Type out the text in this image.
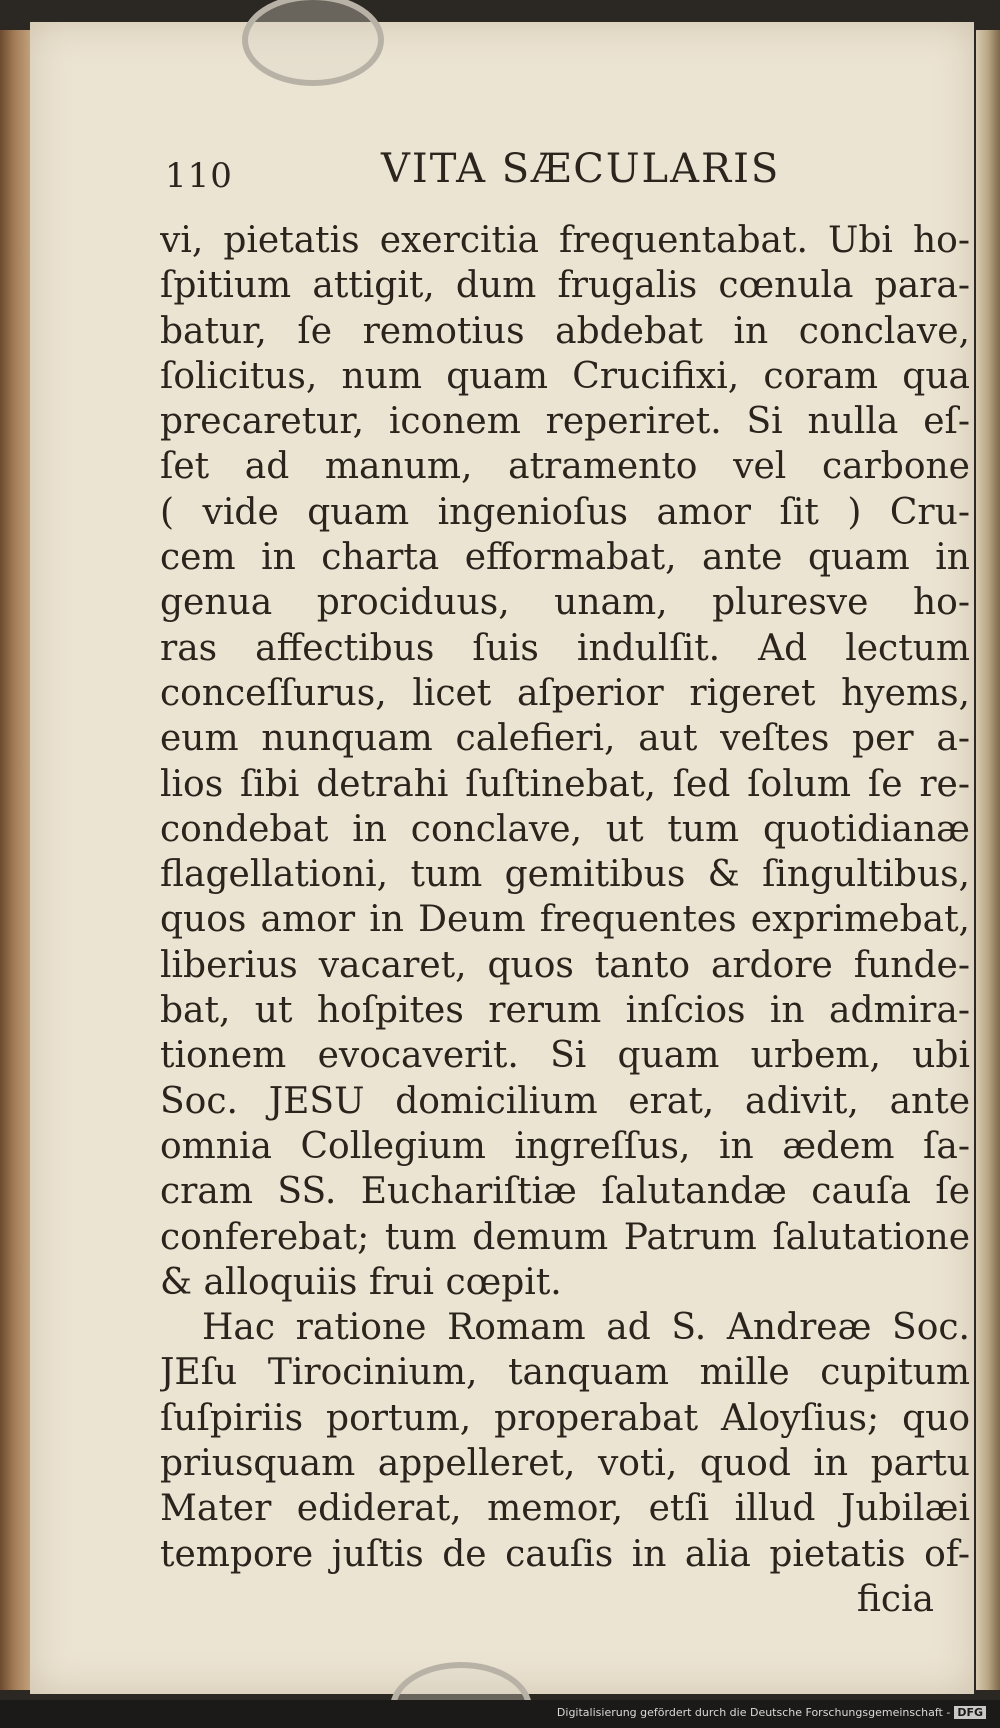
110	VITA SÆCULARIS
vi, pietatis exercitia frequentabat. Ubi ho-
ſpitium attigit, dum frugalis cœnula para-
batur, ſe remotius abdebat in conclave,
ſolicitus, num quam Crucifixi, coram qua
precaretur, iconem reperiret. Si nulla eſ-
ſet ad manum, atramento vel carbone
( vide quam ingenioſus amor ſit ) Cru-
cem in charta efformabat, ante quam in
genua prociduus, unam, pluresve ho-
ras affectibus ſuis indulſit. Ad lectum
conceſſurus, licet aſperior rigeret hyems,
eum nunquam calefieri, aut veſtes per a-
lios ſibi detrahi ſuſtinebat, ſed ſolum ſe re-
condebat in conclave, ut tum quotidianæ
flagellationi, tum gemitibus & ſingultibus,
quos amor in Deum frequentes exprimebat,
liberius vacaret, quos tanto ardore funde-
bat, ut hoſpites rerum inſcios in admira-
tionem evocaverit. Si quam urbem, ubi
Soc. JESU domicilium erat, adivit, ante
omnia Collegium ingreſſus, in ædem ſa-
cram SS. Euchariſtiæ ſalutandæ cauſa ſe
conferebat; tum demum Patrum ſalutatione
& alloquiis frui cœpit.
Hac ratione Romam ad S. Andreæ Soc.
JEſu Tirocinium, tanquam mille cupitum
ſuſpiriis portum, properabat Aloyſius; quo
priusquam appelleret, voti, quod in partu
Mater ediderat, memor, etſi illud Jubilæi
tempore juſtis de cauſis in alia pietatis of-
ficia
Digitalisierung gefördert durch die Deutsche Forschungsgemeinschaft - DFG
